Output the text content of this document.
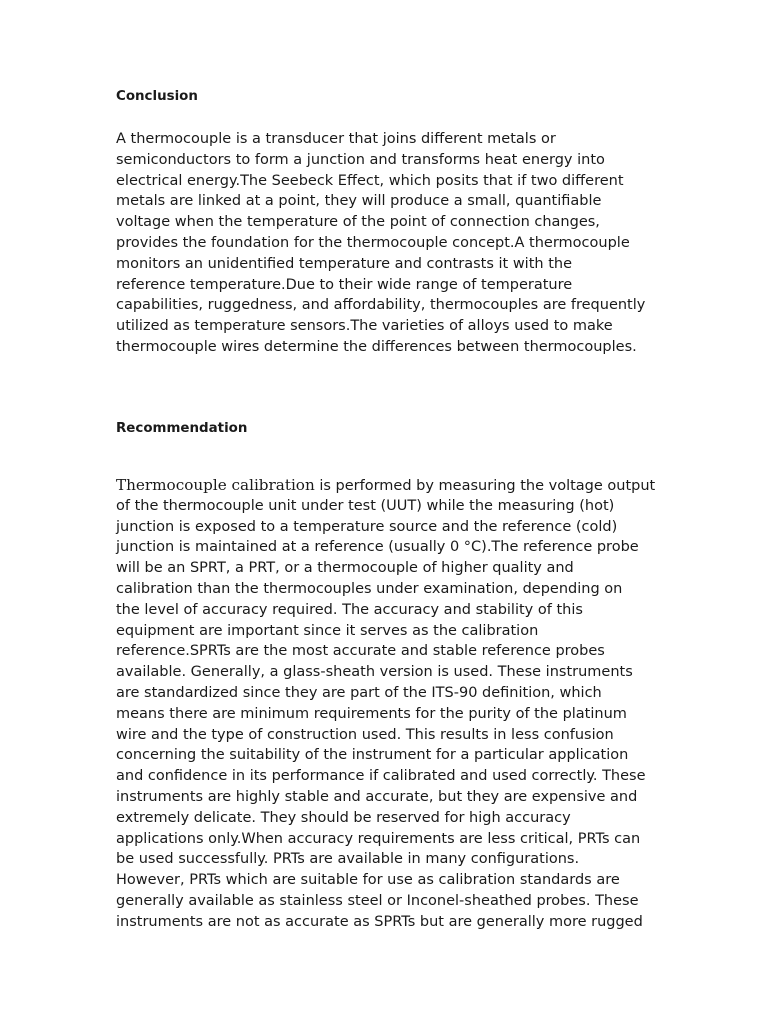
Conclusion
A thermocouple is a transducer that joins different metals or
semiconductors to form a junction and transforms heat energy into
electrical energy.The Seebeck Effect, which posits that if two different
metals are linked at a point, they will produce a small, quantifiable
voltage when the temperature of the point of connection changes,
provides the foundation for the thermocouple concept.A thermocouple
monitors an unidentified temperature and contrasts it with the
reference temperature.Due to their wide range of temperature
capabilities, ruggedness, and affordability, thermocouples are frequently
utilized as temperature sensors.The varieties of alloys used to make
thermocouple wires determine the differences between thermocouples.
Recommendation
Thermocouple calibration is performed by measuring the voltage output
of the thermocouple unit under test (UUT) while the measuring (hot)
junction is exposed to a temperature source and the reference (cold)
junction is maintained at a reference (usually 0 °C).The reference probe
will be an SPRT, a PRT, or a thermocouple of higher quality and
calibration than the thermocouples under examination, depending on
the level of accuracy required. The accuracy and stability of this
equipment are important since it serves as the calibration
reference.SPRTs are the most accurate and stable reference probes
available. Generally, a glass-sheath version is used. These instruments
are standardized since they are part of the ITS-90 definition, which
means there are minimum requirements for the purity of the platinum
wire and the type of construction used. This results in less confusion
concerning the suitability of the instrument for a particular application
and confidence in its performance if calibrated and used correctly. These
instruments are highly stable and accurate, but they are expensive and
extremely delicate. They should be reserved for high accuracy
applications only.When accuracy requirements are less critical, PRTs can
be used successfully. PRTs are available in many configurations.
However, PRTs which are suitable for use as calibration standards are
generally available as stainless steel or Inconel-sheathed probes. These
instruments are not as accurate as SPRTs but are generally more rugged
